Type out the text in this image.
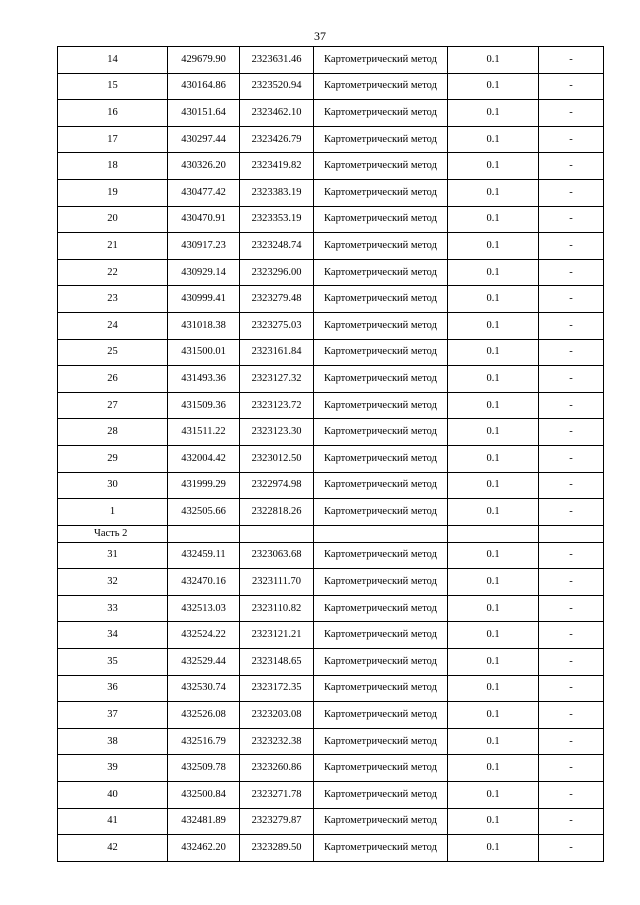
37
14	429679.90	2323631.46	Картометрический метод	0.1	-
15	430164.86	2323520.94	Картометрический метод	0.1	-
16	430151.64	2323462.10	Картометрический метод	0.1	-
17	430297.44	2323426.79	Картометрический метод	0.1	-
18	430326.20	2323419.82	Картометрический метод	0.1	-
19	430477.42	2323383.19	Картометрический метод	0.1	-
20	430470.91	2323353.19	Картометрический метод	0.1	-
21	430917.23	2323248.74	Картометрический метод	0.1	-
22	430929.14	2323296.00	Картометрический метод	0.1	-
23	430999.41	2323279.48	Картометрический метод	0.1	-
24	431018.38	2323275.03	Картометрический метод	0.1	-
25	431500.01	2323161.84	Картометрический метод	0.1	-
26	431493.36	2323127.32	Картометрический метод	0.1	-
27	431509.36	2323123.72	Картометрический метод	0.1	-
28	431511.22	2323123.30	Картометрический метод	0.1	-
29	432004.42	2323012.50	Картометрический метод	0.1	-
30	431999.29	2322974.98	Картометрический метод	0.1	-
1	432505.66	2322818.26	Картометрический метод	0.1	-
Часть 2					
31	432459.11	2323063.68	Картометрический метод	0.1	-
32	432470.16	2323111.70	Картометрический метод	0.1	-
33	432513.03	2323110.82	Картометрический метод	0.1	-
34	432524.22	2323121.21	Картометрический метод	0.1	-
35	432529.44	2323148.65	Картометрический метод	0.1	-
36	432530.74	2323172.35	Картометрический метод	0.1	-
37	432526.08	2323203.08	Картометрический метод	0.1	-
38	432516.79	2323232.38	Картометрический метод	0.1	-
39	432509.78	2323260.86	Картометрический метод	0.1	-
40	432500.84	2323271.78	Картометрический метод	0.1	-
41	432481.89	2323279.87	Картометрический метод	0.1	-
42	432462.20	2323289.50	Картометрический метод	0.1	-
